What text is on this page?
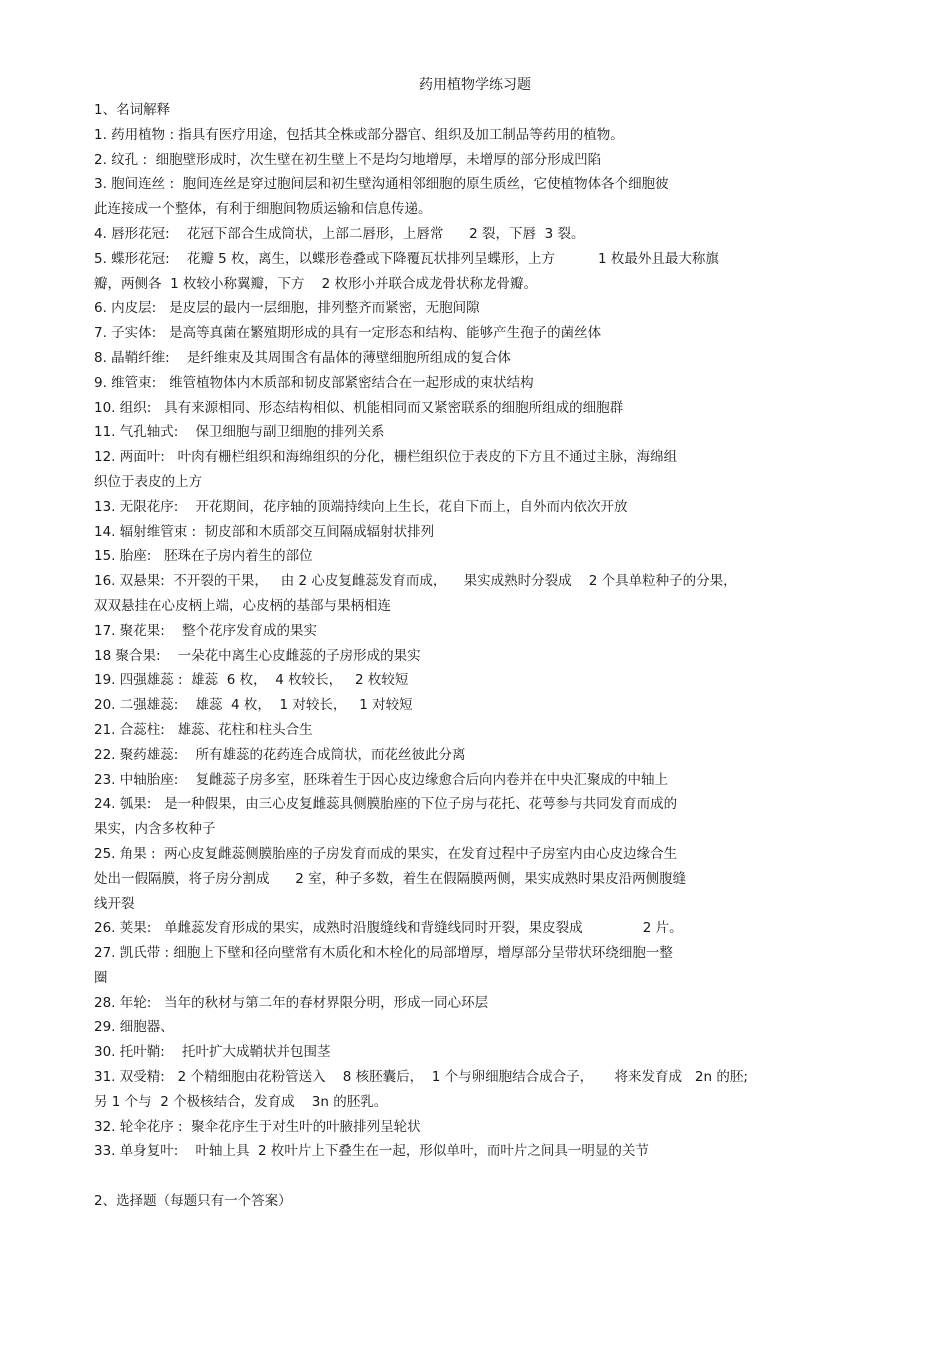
药用植物学练习题
1、名词解释
1. 药用植物 : 指具有医疗用途，包括其全株或部分器官、组织及加工制品等药用的植物。
2. 纹孔 :  细胞壁形成时，次生壁在初生壁上不是均匀地增厚，未增厚的部分形成凹陷
3. 胞间连丝 :  胞间连丝是穿过胞间层和初生壁沟通相邻细胞的原生质丝，它使植物体各个细胞彼
此连接成一个整体，有利于细胞间物质运输和信息传递。
4. 唇形花冠:    花冠下部合生成筒状，上部二唇形，上唇常      2 裂，下唇  3 裂。
5. 蝶形花冠:    花瓣 5 枚，离生，以蝶形卷叠或下降覆瓦状排列呈蝶形，上方          1 枚最外且最大称旗
瓣，两侧各  1 枚较小称翼瓣，下方    2 枚形小并联合成龙骨状称龙骨瓣。
6. 内皮层:   是皮层的最内一层细胞，排列整齐而紧密，无胞间隙
7. 子实体:   是高等真菌在繁殖期形成的具有一定形态和结构、能够产生孢子的菌丝体
8. 晶鞘纤维:    是纤维束及其周围含有晶体的薄壁细胞所组成的复合体
9. 维管束:   维管植物体内木质部和韧皮部紧密结合在一起形成的束状结构
10. 组织:   具有来源相同、形态结构相似、机能相同而又紧密联系的细胞所组成的细胞群
11. 气孔轴式:    保卫细胞与副卫细胞的排列关系
12. 两面叶:   叶肉有栅栏组织和海绵组织的分化，栅栏组织位于表皮的下方且不通过主脉，海绵组
织位于表皮的上方
13. 无限花序:    开花期间，花序轴的顶端持续向上生长，花自下而上，自外而内依次开放
14. 辐射维管束 :  韧皮部和木质部交互间隔成辐射状排列
15. 胎座:   胚珠在子房内着生的部位
16. 双悬果:  不开裂的干果，   由 2 心皮复雌蕊发育而成，    果实成熟时分裂成    2 个具单粒种子的分果，
双双悬挂在心皮柄上端，心皮柄的基部与果柄相连
17. 聚花果:    整个花序发育成的果实
18 聚合果:    一朵花中离生心皮雌蕊的子房形成的果实
19. 四强雄蕊 :  雄蕊  6 枚，  4 枚较长，   2 枚较短
20. 二强雄蕊:    雄蕊  4 枚，  1 对较长，   1 对较短
21. 合蕊柱:   雄蕊、花柱和柱头合生
22. 聚药雄蕊:    所有雄蕊的花药连合成筒状，而花丝彼此分离
23. 中轴胎座:    复雌蕊子房多室，胚珠着生于因心皮边缘愈合后向内卷并在中央汇聚成的中轴上
24. 瓠果:   是一种假果，由三心皮复雌蕊具侧膜胎座的下位子房与花托、花萼参与共同发育而成的
果实，内含多枚种子
25. 角果 :  两心皮复雌蕊侧膜胎座的子房发育而成的果实，在发育过程中子房室内由心皮边缘合生
处出一假隔膜，将子房分割成      2 室，种子多数，着生在假隔膜两侧，果实成熟时果皮沿两侧腹缝
线开裂
26. 荚果:   单雌蕊发育形成的果实，成熟时沿腹缝线和背缝线同时开裂，果皮裂成              2 片。
27. 凯氏带 : 细胞上下壁和径向壁常有木质化和木栓化的局部增厚，增厚部分呈带状环绕细胞一整
圈
28. 年轮:   当年的秋材与第二年的春材界限分明，形成一同心环层
29. 细胞器、
30. 托叶鞘:    托叶扩大成鞘状并包围茎
31. 双受精:   2 个精细胞由花粉管送入    8 核胚囊后，  1 个与卵细胞结合成合子，     将来发育成   2n 的胚;
另 1 个与  2 个极核结合，发育成    3n 的胚乳。
32. 轮伞花序 :  聚伞花序生于对生叶的叶腋排列呈轮状
33. 单身复叶:    叶轴上具  2 枚叶片上下叠生在一起，形似单叶，而叶片之间具一明显的关节
2、选择题（每题只有一个答案）
